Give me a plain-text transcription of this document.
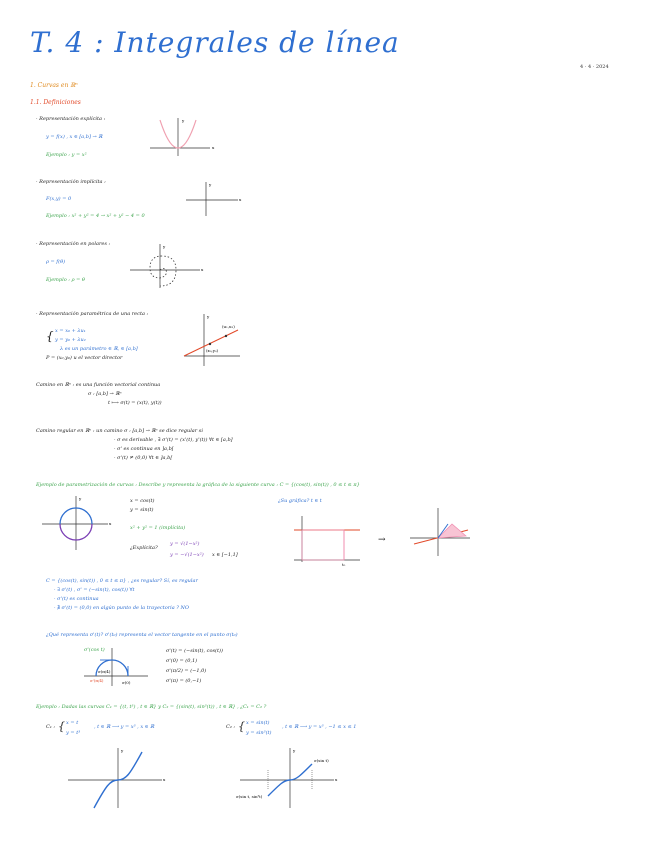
T. 4 : Integrales de línea
4 · 4 · 2024
1. Curvas en ℝⁿ
1.1. Definiciones
· Representación explícita :
y = f(x) , x ∈ [a,b] → ℝ
Ejemplo : y = x²
y
x
· Representación implícita :
F(x,y) = 0
Ejemplo : x² + y² = 4 → x² + y² − 4 = 0
y
x
· Representación en polares :
ρ = f(θ)
Ejemplo : ρ = θ
y
x
· Representación paramétrica de una recta :
{ x = x₀ + λu₁
y = y₀ + λu₂
λ es un parámetro ∈ ℝ, ∈ [a,b]
P = (x₀,y₀) u el vector director
y
(u₁,u₂)
(x₀,y₀)
Camino en ℝⁿ : es una función vectorial continua
σ : [a,b] → ℝⁿ
t ⟼ σ(t) = (x(t), y(t))
Camino regular en ℝⁿ : un camino σ : [a,b] → ℝⁿ se dice regular si
· σ es derivable , ∃ σ'(t) = (x'(t), y'(t)) ∀t ∈ [a,b]
· σ' es continua en ]a,b[
· σ'(t) ≠ (0,0) ∀t ∈ ]a,b[
Ejemplo de parametrización de curvas : Describe y representa la gráfica de la siguiente curva : C = {(cos(t), sin(t)) , 0 ≤ t ≤ π}
y
x
x = cos(t)
y = sin(t)
x² + y² = 1 (implícita)
¿Explícita?
y = √(1−x²)
y = −√(1−x²) x ∈ [−1,1]
¿Su gráfica? t ∈ t
t₀
→
C = {(cos(t), sin(t)) , 0 ≤ t ≤ π} , ¿es regular? Sí, es regular
· ∃ σ'(t) , σ' = (−sin(t), cos(t)) ∀t
· σ'(t) es continua
· ∄ σ'(t) = (0,0) en algún punto de la trayectoria ? NO
¿Qué representa σ'(t)? σ'(t₀) representa el vector tangente en el punto σ(t₀)
σ(π/4)
σ(0)
σ'(π/4)
σ'(cos t)	σ'(t) = (−sin(t), cos(t))
σ'(0) = (0,1)
σ'(π/2) = (−1,0)
σ'(π) = (0,−1)
Ejemplo : Dadas las curvas C₁ = {(t, t³) , t ∈ ℝ} y C₂ = {(sin(t), sin³(t)) , t ∈ ℝ} , ¿C₁ = C₂ ?
C₁ : { x = t
y = t³
, t ∈ ℝ ⟶ y = x³ , x ∈ ℝ	C₂ : { x = sin(t)
y = sin³(t)
, t ∈ ℝ ⟶ y = x³ , −1 ≤ x ≤ 1
y
x
y
x
σ(sin t)
σ(sin t, sin³t)
